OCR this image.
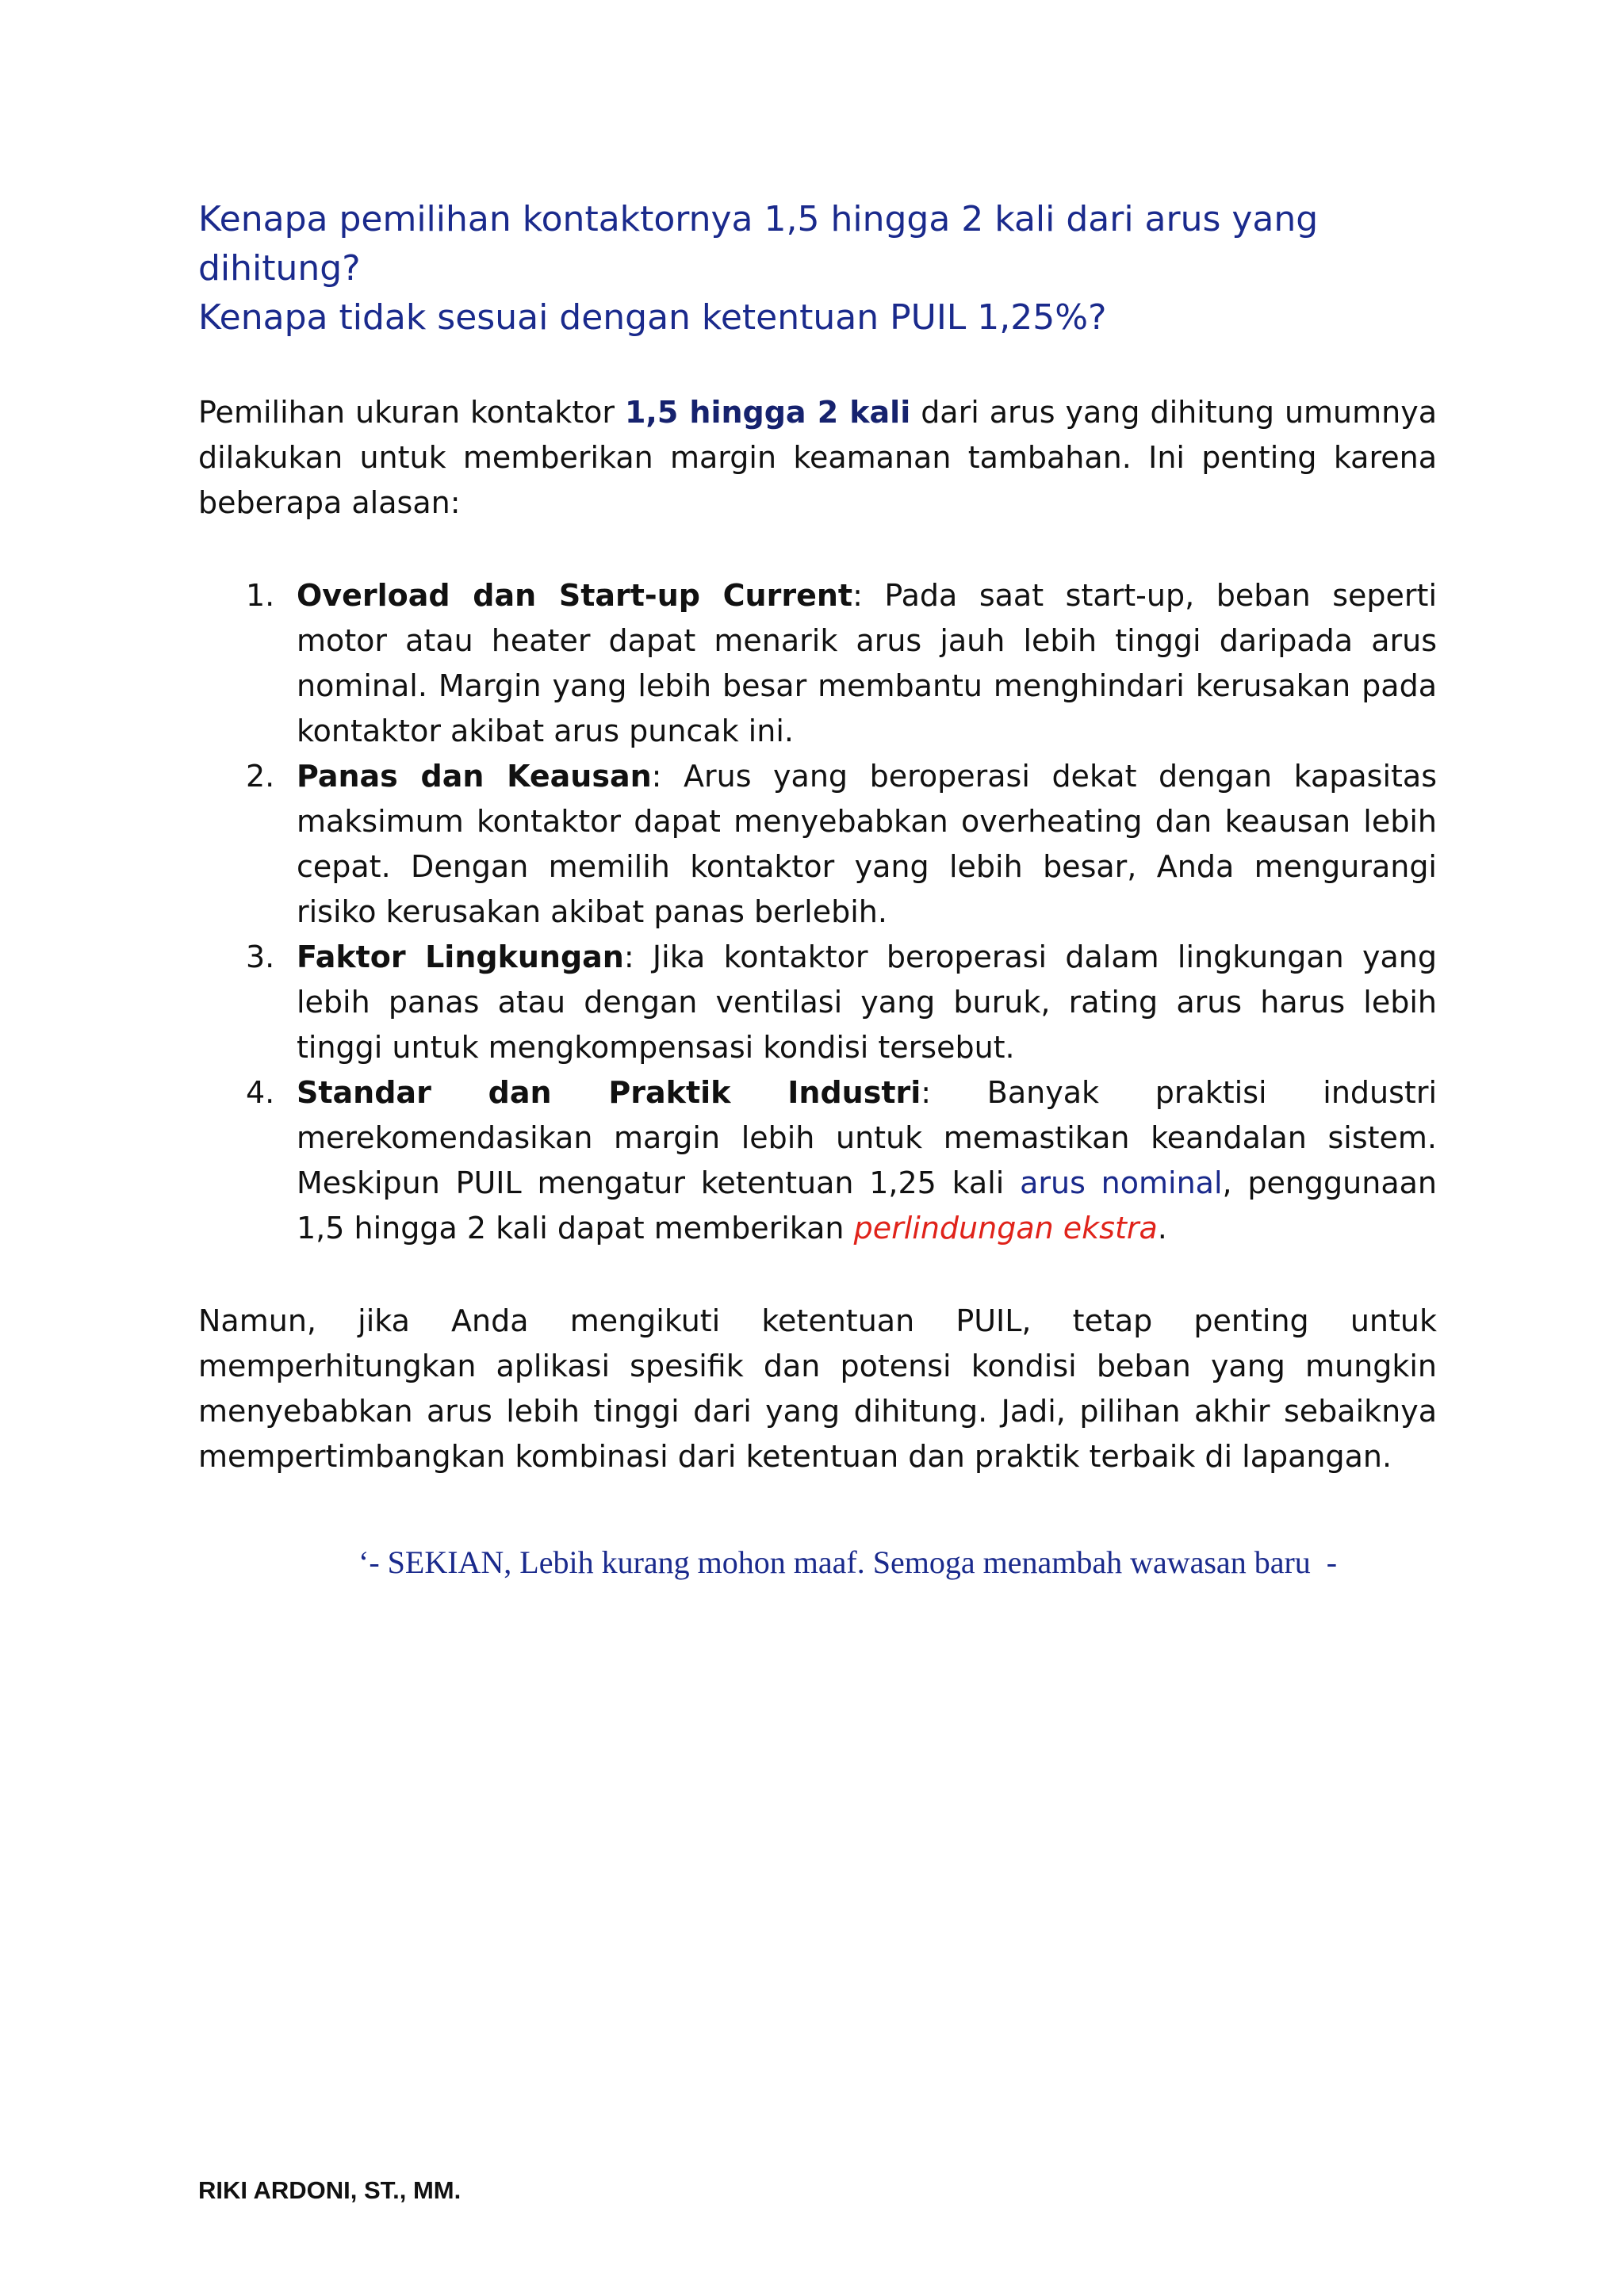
Kenapa pemilihan kontaktornya 1,5 hingga 2 kali dari arus yang dihitung?
Kenapa tidak sesuai dengan ketentuan PUIL 1,25%?

Pemilihan ukuran kontaktor 1,5 hingga 2 kali dari arus yang dihitung umumnya dilakukan untuk memberikan margin keamanan tambahan. Ini penting karena beberapa alasan:

1. Overload dan Start-up Current: Pada saat start-up, beban seperti motor atau heater dapat menarik arus jauh lebih tinggi daripada arus nominal. Margin yang lebih besar membantu menghindari kerusakan pada kontaktor akibat arus puncak ini.
2. Panas dan Keausan: Arus yang beroperasi dekat dengan kapasitas maksimum kontaktor dapat menyebabkan overheating dan keausan lebih cepat. Dengan memilih kontaktor yang lebih besar, Anda mengurangi risiko kerusakan akibat panas berlebih.
3. Faktor Lingkungan: Jika kontaktor beroperasi dalam lingkungan yang lebih panas atau dengan ventilasi yang buruk, rating arus harus lebih tinggi untuk mengkompensasi kondisi tersebut.
4. Standar dan Praktik Industri: Banyak praktisi industri merekomendasikan margin lebih untuk memastikan keandalan sistem. Meskipun PUIL mengatur ketentuan 1,25 kali arus nominal, penggunaan 1,5 hingga 2 kali dapat memberikan perlindungan ekstra.

Namun, jika Anda mengikuti ketentuan PUIL, tetap penting untuk memperhitungkan aplikasi spesifik dan potensi kondisi beban yang mungkin menyebabkan arus lebih tinggi dari yang dihitung. Jadi, pilihan akhir sebaiknya mempertimbangkan kombinasi dari ketentuan dan praktik terbaik di lapangan.

‘- SEKIAN, Lebih kurang mohon maaf. Semoga menambah wawasan baru  -
RIKI ARDONI, ST., MM.
